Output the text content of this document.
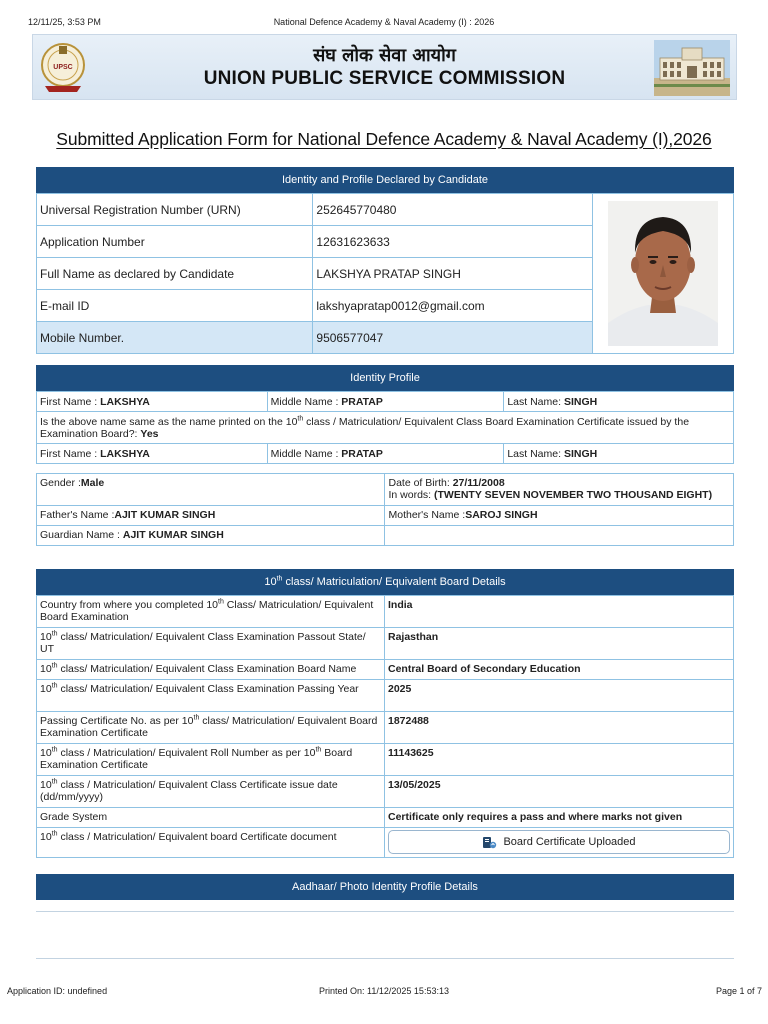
12/11/25, 3:53 PM	National Defence Academy & Naval Academy (I) : 2026
UPSC
संघ लोक सेवा आयोग
UNION PUBLIC SERVICE COMMISSION
Submitted Application Form for National Defence Academy & Naval Academy (I),2026
Identity and Profile Declared by Candidate
Universal Registration Number (URN)	252645770480	

Application Number	12631623633	
Full Name as declared by Candidate	LAKSHYA PRATAP SINGH	
E-mail ID	lakshyapratap0012@gmail.com	
Mobile Number.	9506577047	
Identity Profile
First Name : LAKSHYA	Middle Name : PRATAP	Last Name: SINGH
Is the above name same as the name printed on the 10th class / Matriculation/ Equivalent Class Board Examination Certificate issued by the Examination Board?: Yes		
First Name : LAKSHYA	Middle Name : PRATAP	Last Name: SINGH
Gender :Male	Date of Birth: 27/11/2008
In words: (TWENTY SEVEN NOVEMBER TWO THOUSAND EIGHT)

Father's Name :AJIT KUMAR SINGH	Mother's Name :SAROJ SINGH
Guardian Name : AJIT KUMAR SINGH	
10th class/ Matriculation/ Equivalent Board Details
Country from where you completed 10th Class/ Matriculation/ Equivalent Board Examination	India
10th class/ Matriculation/ Equivalent Class Examination Passout State/ UT	Rajasthan
10th class/ Matriculation/ Equivalent Class Examination Board Name	Central Board of Secondary Education
10th class/ Matriculation/ Equivalent Class Examination Passing Year	2025
Passing Certificate No. as per 10th class/ Matriculation/ Equivalent Board Examination Certificate	1872488
10th class / Matriculation/ Equivalent Roll Number as per 10th Board Examination Certificate	11143625
10th class / Matriculation/ Equivalent Class Certificate issue date (dd/mm/yyyy)	13/05/2025
Grade System	Certificate only requires a pass and where marks not given
10th class / Matriculation/ Equivalent board Certificate document	Board Certificate Uploaded
Aadhaar/ Photo Identity Profile Details
Application ID: undefined	Printed On: 11/12/2025 15:53:13	Page 1 of 7
